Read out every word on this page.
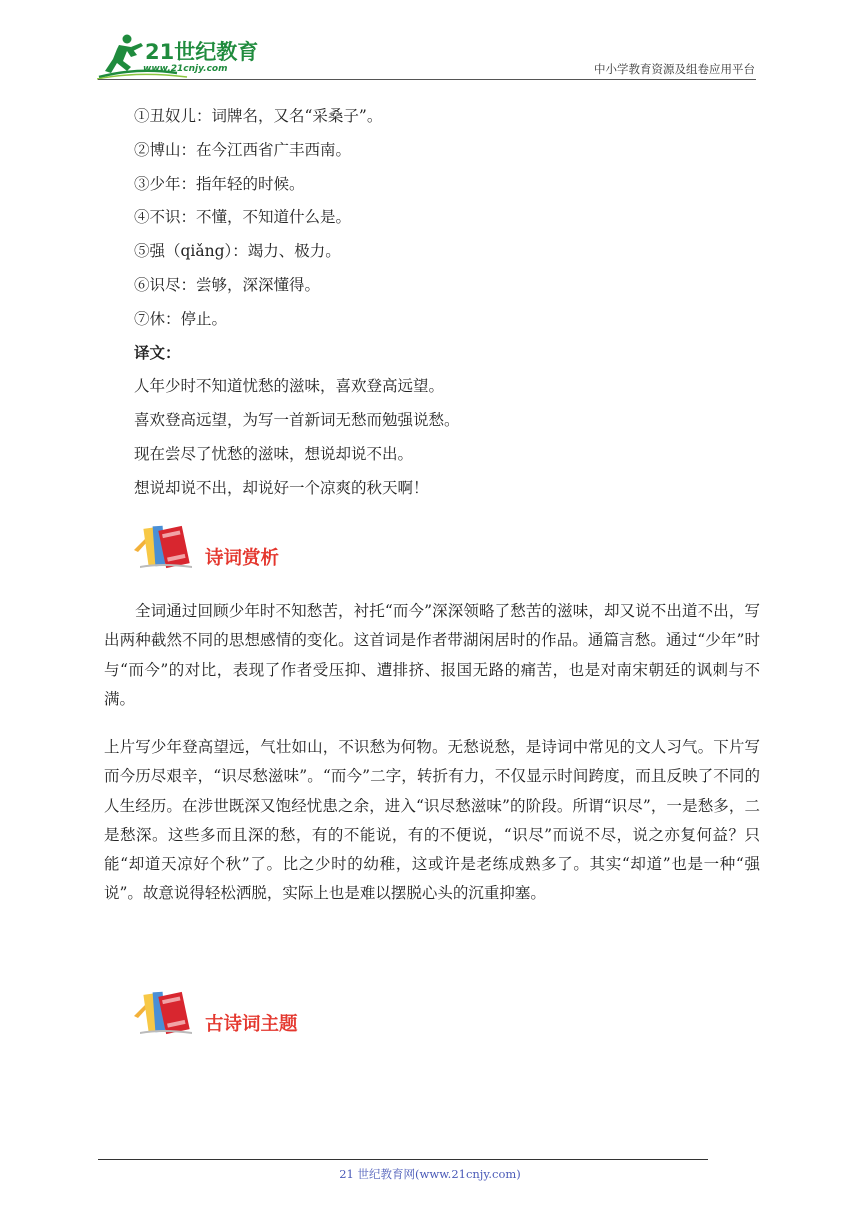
21世纪教育
www.21cnjy.com	中小学教育资源及组卷应用平台
①丑奴儿：词牌名，又名“采桑子”。
②博山：在今江西省广丰西南。
③少年：指年轻的时候。
④不识：不懂，不知道什么是。
⑤强（qiǎng）：竭力、极力。
⑥识尽：尝够，深深懂得。
⑦休：停止。
译文：
人年少时不知道忧愁的滋味，喜欢登高远望。
喜欢登高远望，为写一首新词无愁而勉强说愁。
现在尝尽了忧愁的滋味，想说却说不出。
想说却说不出，却说好一个凉爽的秋天啊！
诗词赏析
全词通过回顾少年时不知愁苦，衬托“而今”深深领略了愁苦的滋味，却又说不出道不出，写出两种截然不同的思想感情的变化。这首词是作者带湖闲居时的作品。通篇言愁。通过“少年”时与“而今”的对比，表现了作者受压抑、遭排挤、报国无路的痛苦，也是对南宋朝廷的讽刺与不满。
上片写少年登高望远，气壮如山，不识愁为何物。无愁说愁，是诗词中常见的文人习气。下片写而今历尽艰辛，“识尽愁滋味”。“而今”二字，转折有力，不仅显示时间跨度，而且反映了不同的人生经历。在涉世既深又饱经忧患之余，进入“识尽愁滋味”的阶段。所谓“识尽”，一是愁多，二是愁深。这些多而且深的愁，有的不能说，有的不便说，“识尽”而说不尽，说之亦复何益？只能“却道天凉好个秋”了。比之少时的幼稚，这或许是老练成熟多了。其实“却道”也是一种“强说”。故意说得轻松洒脱，实际上也是难以摆脱心头的沉重抑塞。
古诗词主题
21 世纪教育网(www.21cnjy.com)
